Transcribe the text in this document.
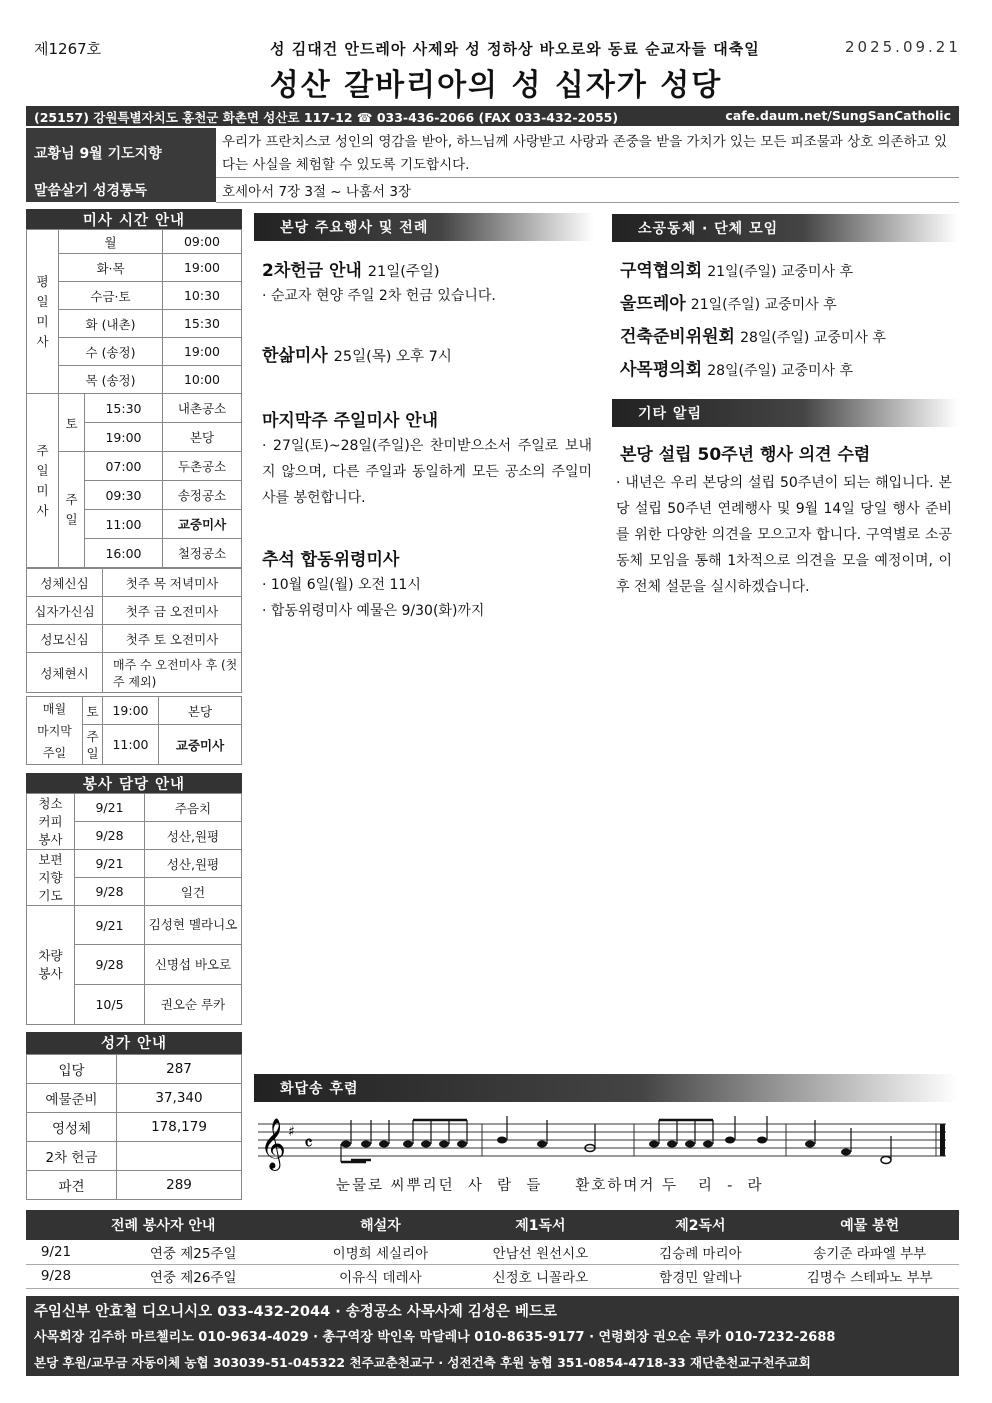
제1267호	성 김대건 안드레아 사제와 성 정하상 바오로와 동료 순교자들 대축일	2025.09.21
성산 갈바리아의 성 십자가 성당
(25157) 강원특별자치도 홍천군 화촌면 성산로 117-12 ☎ 033-436-2066 (FAX 033-432-2055)	cafe.daum.net/SungSanCatholic
교황님 9월 기도지향
우리가 프란치스코 성인의 영감을 받아, 하느님께 사랑받고 사랑과 존중을 받을 가치가 있는 모든 피조물과 상호 의존하고 있다는 사실을 체험할 수 있도록 기도합시다.
말씀살기 성경통독	호세아서 7장 3절 ~ 나훔서 3장
미사 시간 안내
평
일
미
사	월		09:00
	화·목		19:00
	수금·토		10:30
	화 (내촌)		15:30
	수 (송정)		19:00
	목 (송정)		10:00
주
일
미
사	토	15:30	내촌공소
		19:00	본당
	주
일	07:00	두촌공소
		09:30	송정공소
		11:00	교중미사
		16:00	철정공소
성체신심	첫주 목 저녁미사
십자가신심	첫주 금 오전미사
성모신심	첫주 토 오전미사
성체현시	매주 수 오전미사 후 (첫 주 제외)
매월
마지막
주일	토	19:00	본당
	주
일	11:00	교중미사
봉사 담당 안내
청소
커피
봉사	9/21	주음치
	9/28	성산,원평
보편
지향
기도	9/21	성산,원평
	9/28	일건
차량
봉사	9/21	김성현 멜라니오
	9/28	신명섭 바오로
	10/5	권오순 루카
성가 안내
입당	287
예물준비	37,340
영성체	178,179
2차 헌금	
파견	289
본당 주요행사 및 전례
2차헌금 안내 21일(주일)
· 순교자 현양 주일 2차 헌금 있습니다.
한삶미사 25일(목) 오후 7시
마지막주 주일미사 안내
· 27일(토)~28일(주일)은 찬미받으소서 주일로 보내지 않으며, 다른 주일과 동일하게 모든 공소의 주일미사를 봉헌합니다.
추석 합동위령미사
· 10월 6일(월) 오전 11시
· 합동위령미사 예물은 9/30(화)까지
소공동체 · 단체 모임
구역협의회 21일(주일) 교중미사 후
울뜨레아 21일(주일) 교중미사 후
건축준비위원회 28일(주일) 교중미사 후
사목평의회 28일(주일) 교중미사 후
기타 알림
본당 설립 50주년 행사 의견 수렴
· 내년은 우리 본당의 설립 50주년이 되는 해입니다. 본당 설립 50주년 연례행사 및 9월 14일 당일 행사 준비를 위한 다양한 의견을 모으고자 합니다. 구역별로 소공동체 모임을 통해 1차적으로 의견을 모을 예정이며, 이후 전체 설문을 실시하겠습니다.
화답송 후렴
𝄞 ♯ 𝄴
눈물로 씨뿌리던  사  람  들     환호하며거 두   리  -  라
전례 봉사자 안내		해설자	제1독서	제2독서	예물 봉헌
9/21	연중 제25주일	이명희 세실리아	안남선 원선시오	김승례 마리아	송기준 라파엘 부부
9/28	연중 제26주일	이유식 데레사	신정호 니꼴라오	함경민 알레나	김명수 스테파노 부부
주임신부 안효철 디오니시오 033-432-2044 · 송정공소 사목사제 김성은 베드로
사목회장 김주하 마르첼리노 010-9634-4029 · 총구역장 박인옥 막달레나 010-8635-9177 · 연령회장 권오순 루카 010-7232-2688
본당 후원/교무금 자동이체 농협 303039-51-045322 천주교춘천교구 · 성전건축 후원 농협 351-0854-4718-33 재단춘천교구천주교회
